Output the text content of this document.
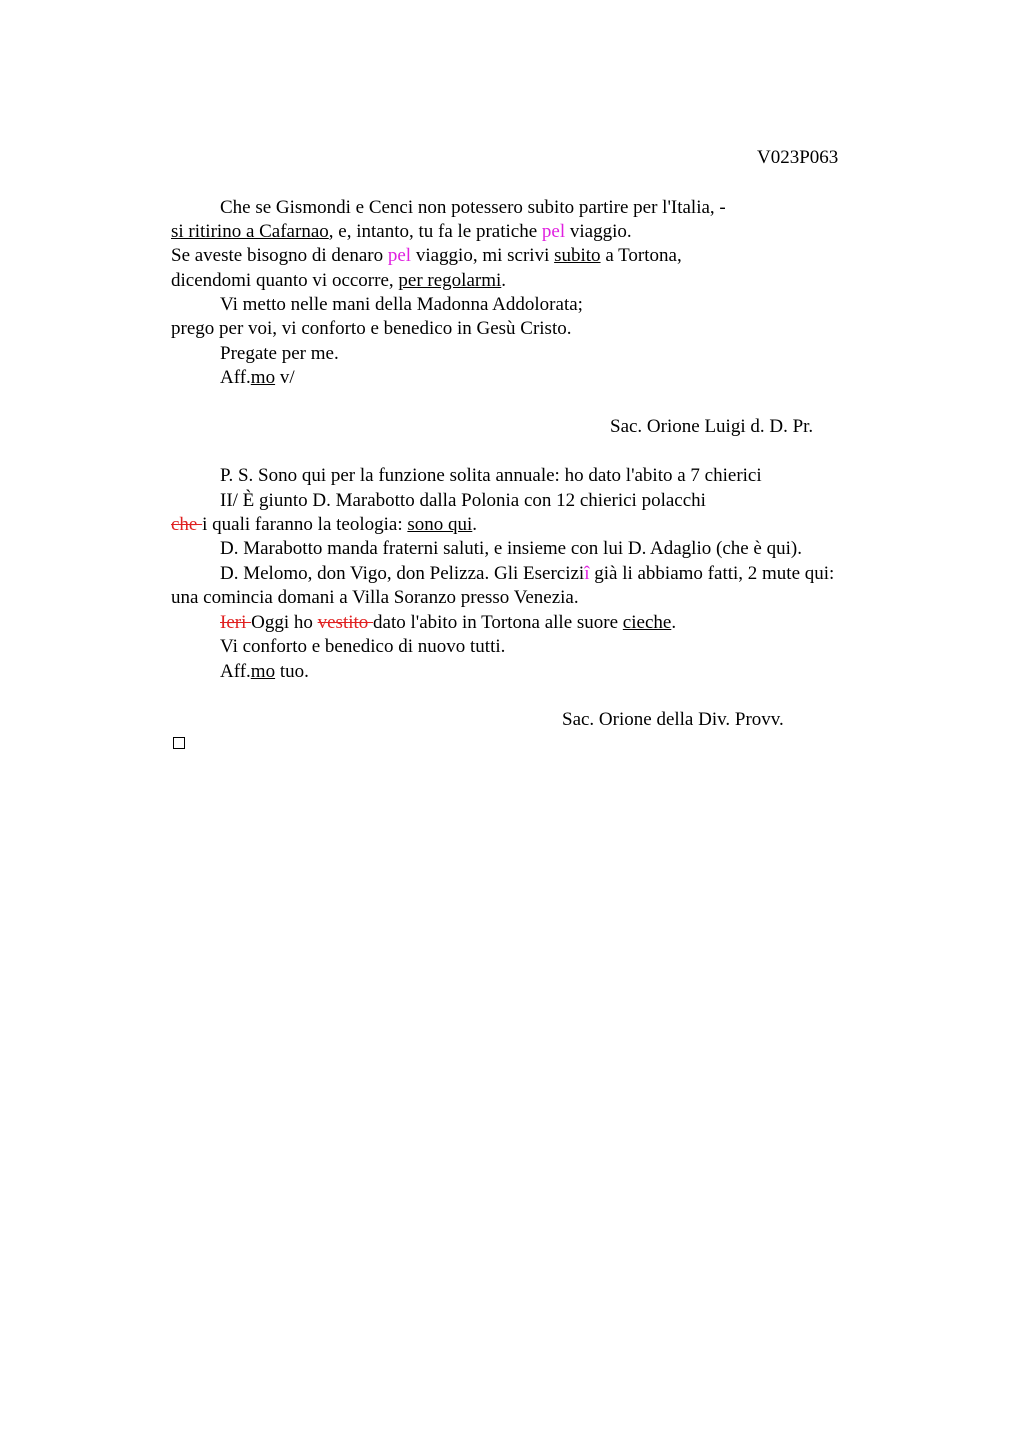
V023P063
Che se Gismondi e Cenci non potessero subito partire per l'Italia, -
si ritirino a Cafarnao, e, intanto, tu fa le pratiche pel viaggio.
Se aveste bisogno di denaro pel viaggio, mi scrivi subito a Tortona,
dicendomi quanto vi occorre, per regolarmi.
Vi metto nelle mani della Madonna Addolorata;
prego per voi, vi conforto e benedico in Gesù Cristo.
Pregate per me.
Aff.mo v/
Sac. Orione Luigi d. D. Pr.
P. S. Sono qui per la funzione solita annuale: ho dato l'abito a 7 chierici
II/ È giunto D. Marabotto dalla Polonia con 12 chierici polacchi
che i quali faranno la teologia: sono qui.
D. Marabotto manda fraterni saluti, e insieme con lui D. Adaglio (che è qui).
D. Melomo, don Vigo, don Pelizza. Gli Eserciziî già li abbiamo fatti, 2 mute qui:
una comincia domani a Villa Soranzo presso Venezia.
Ieri Oggi ho vestito dato l'abito in Tortona alle suore cieche.
Vi conforto e benedico di nuovo tutti.
Aff.mo tuo.
Sac. Orione della Div. Provv.
